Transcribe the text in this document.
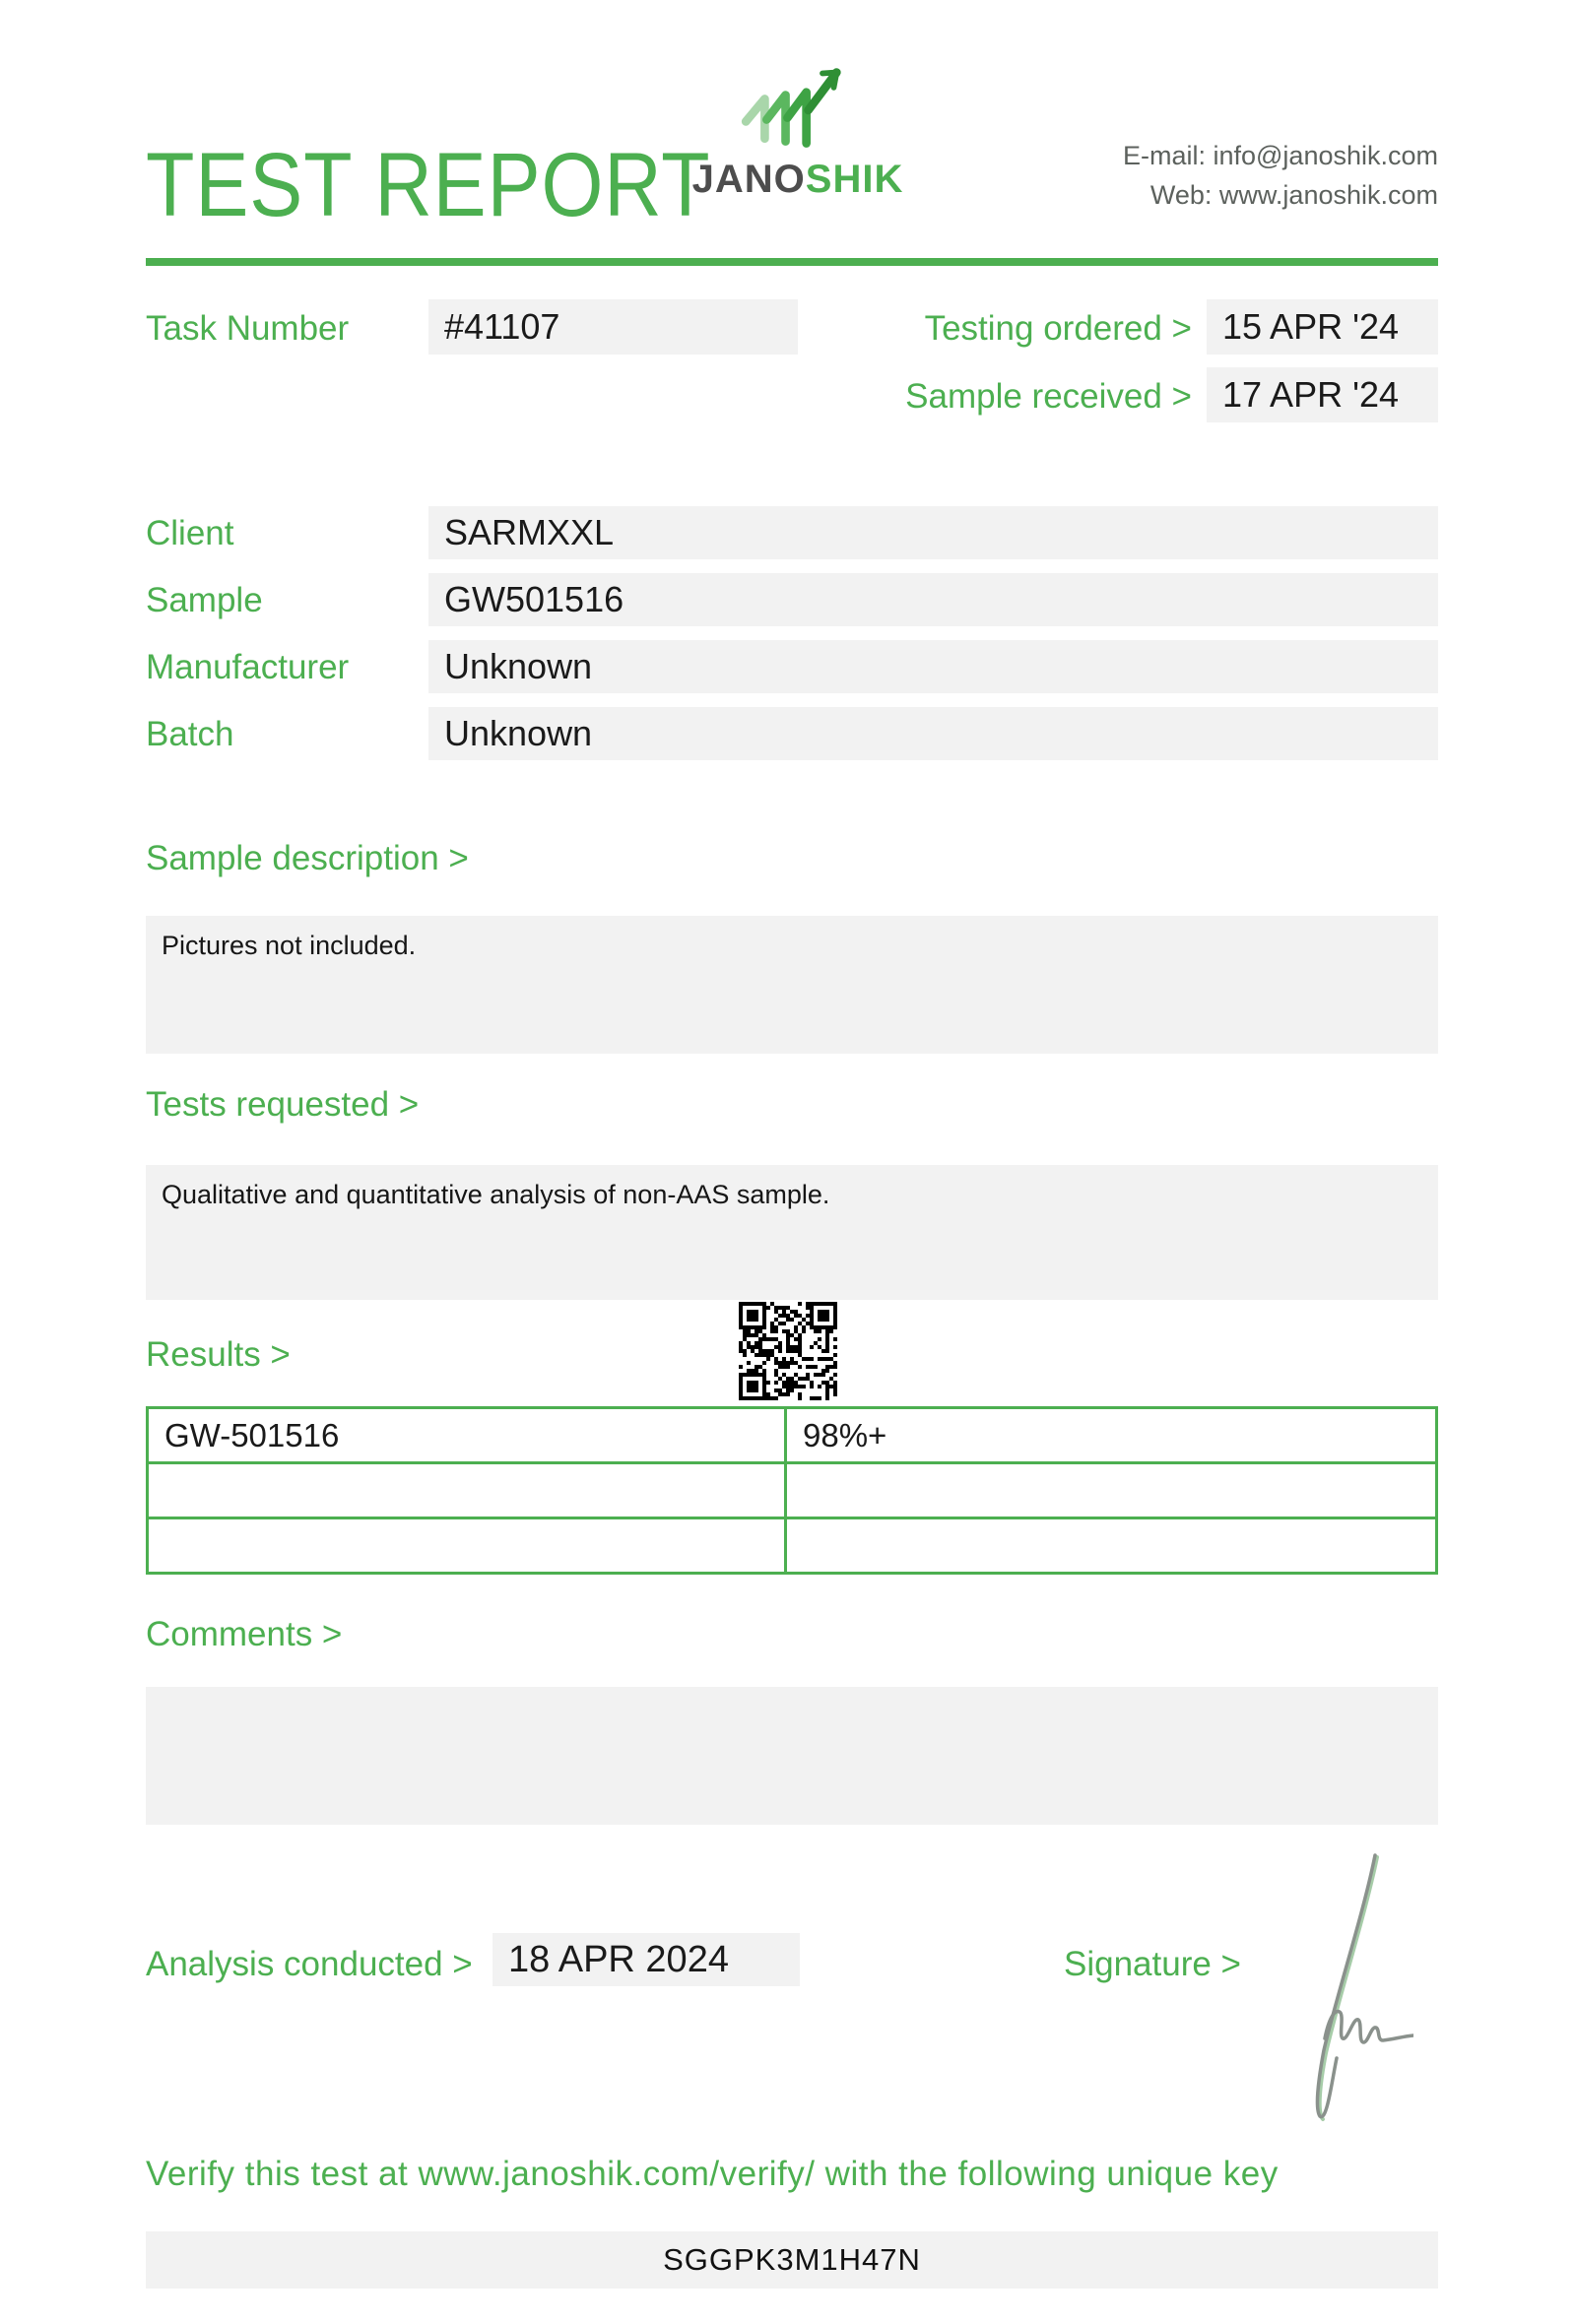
TEST REPORT
JANOSHIK
E-mail: info@janoshik.com
Web: www.janoshik.com
Task Number	#41107	Testing ordered > 15 APR '24
Sample received > 17 APR '24
Client	SARMXXL
Sample	GW501516
Manufacturer	Unknown
Batch	Unknown
Sample description >
Pictures not included.
Tests requested >
Qualitative and quantitative analysis of non-AAS sample.
Results >
GW-501516	98%+
Comments >
Analysis conducted > 18 APR 2024	Signature >
Verify this test at www.janoshik.com/verify/ with the following unique key
SGGPK3M1H47N
